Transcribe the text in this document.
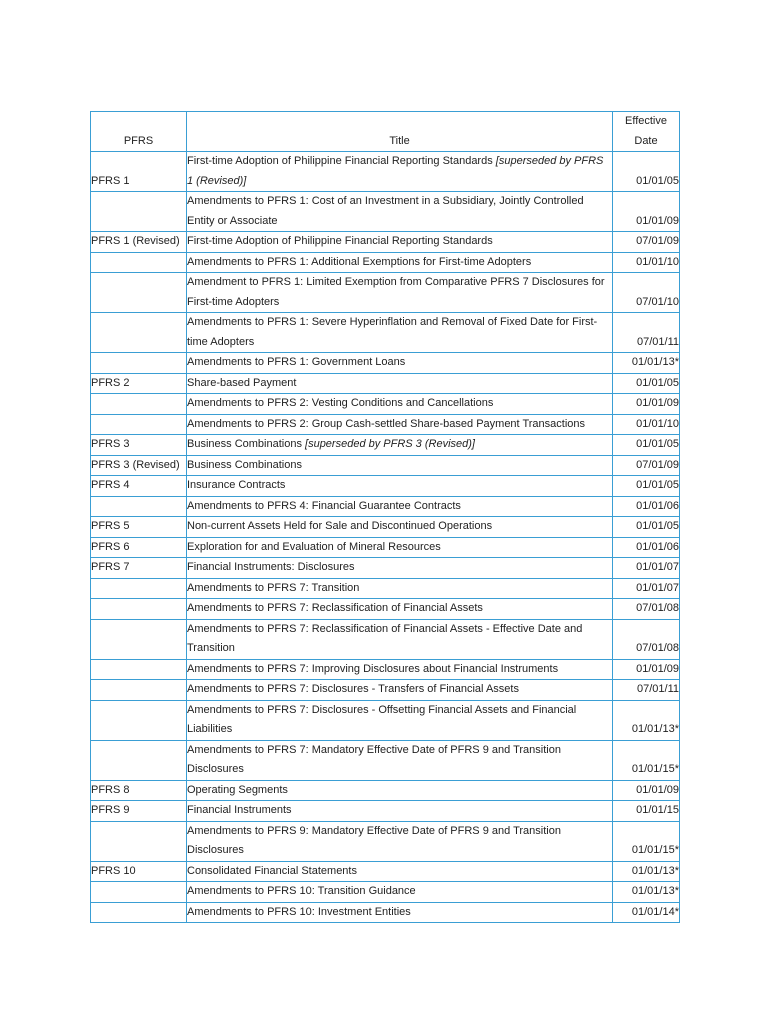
PFRS	Title	Effective
Date
PFRS 1	First-time Adoption of Philippine Financial Reporting Standards [superseded by PFRS 1 (Revised)]	01/01/05
	Amendments to PFRS 1: Cost of an Investment in a Subsidiary, Jointly Controlled Entity or Associate	01/01/09
PFRS 1 (Revised)	First-time Adoption of Philippine Financial Reporting Standards	07/01/09
	Amendments to PFRS 1: Additional Exemptions for First-time Adopters	01/01/10
	Amendment to PFRS 1: Limited Exemption from Comparative PFRS 7 Disclosures for First-time Adopters	07/01/10
	Amendments to PFRS 1: Severe Hyperinflation and Removal of Fixed Date for First-time Adopters	07/01/11
	Amendments to PFRS 1: Government Loans	01/01/13*
PFRS 2	Share-based Payment	01/01/05
	Amendments to PFRS 2: Vesting Conditions and Cancellations	01/01/09
	Amendments to PFRS 2: Group Cash-settled Share-based Payment Transactions	01/01/10
PFRS 3	Business Combinations [superseded by PFRS 3 (Revised)]	01/01/05
PFRS 3 (Revised)	Business Combinations	07/01/09
PFRS 4	Insurance Contracts	01/01/05
	Amendments to PFRS 4: Financial Guarantee Contracts	01/01/06
PFRS 5	Non-current Assets Held for Sale and Discontinued Operations	01/01/05
PFRS 6	Exploration for and Evaluation of Mineral Resources	01/01/06
PFRS 7	Financial Instruments: Disclosures	01/01/07
	Amendments to PFRS 7: Transition	01/01/07
	Amendments to PFRS 7: Reclassification of Financial Assets	07/01/08
	Amendments to PFRS 7: Reclassification of Financial Assets - Effective Date and Transition	07/01/08
	Amendments to PFRS 7: Improving Disclosures about Financial Instruments	01/01/09
	Amendments to PFRS 7: Disclosures - Transfers of Financial Assets	07/01/11
	Amendments to PFRS 7: Disclosures - Offsetting Financial Assets and Financial Liabilities	01/01/13*
	Amendments to PFRS 7: Mandatory Effective Date of PFRS 9 and Transition Disclosures	01/01/15*
PFRS 8	Operating Segments	01/01/09
PFRS 9	Financial Instruments	01/01/15
	Amendments to PFRS 9: Mandatory Effective Date of PFRS 9 and Transition Disclosures	01/01/15*
PFRS 10	Consolidated Financial Statements	01/01/13*
	Amendments to PFRS 10: Transition Guidance	01/01/13*
	Amendments to PFRS 10: Investment Entities	01/01/14*
